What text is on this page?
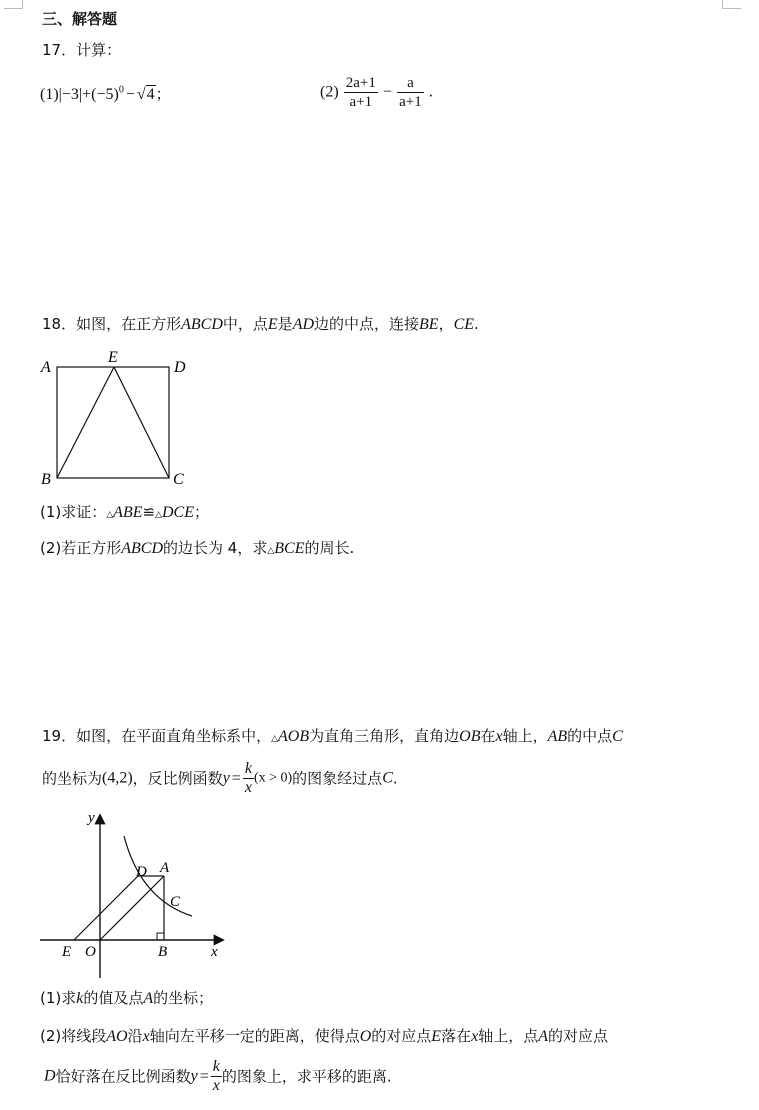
三、解答题
17．计算：
$(1)|-3|+(-5)^0 - √4$；	$(2) \frac{2a+1}{a+1} - \frac{a}{a+1}$ .
18．如图，在正方形ABCD中，点E是AD边的中点，连接BE，CE.
A
E
D
B	C
(1)求证：△ABE≌△DCE；
(2)若正方形ABCD的边长为 4，求△BCE的周长.
19．如图，在平面直角坐标系中，△AOB为直角三角形，直角边OB在x轴上，AB的中点C
的坐标为(4,2)，反比例函数$y = \frac{k}{x} (x > 0)$的图象经过点C.
y
x
D A
C
E O	B
(1)求k的值及点A的坐标；
(2)将线段AO沿x轴向左平移一定的距离，使得点O的对应点E落在x轴上，点A的对应点
D恰好落在反比例函数$y = \frac{k}{x}$ 的图象上，求平移的距离.
